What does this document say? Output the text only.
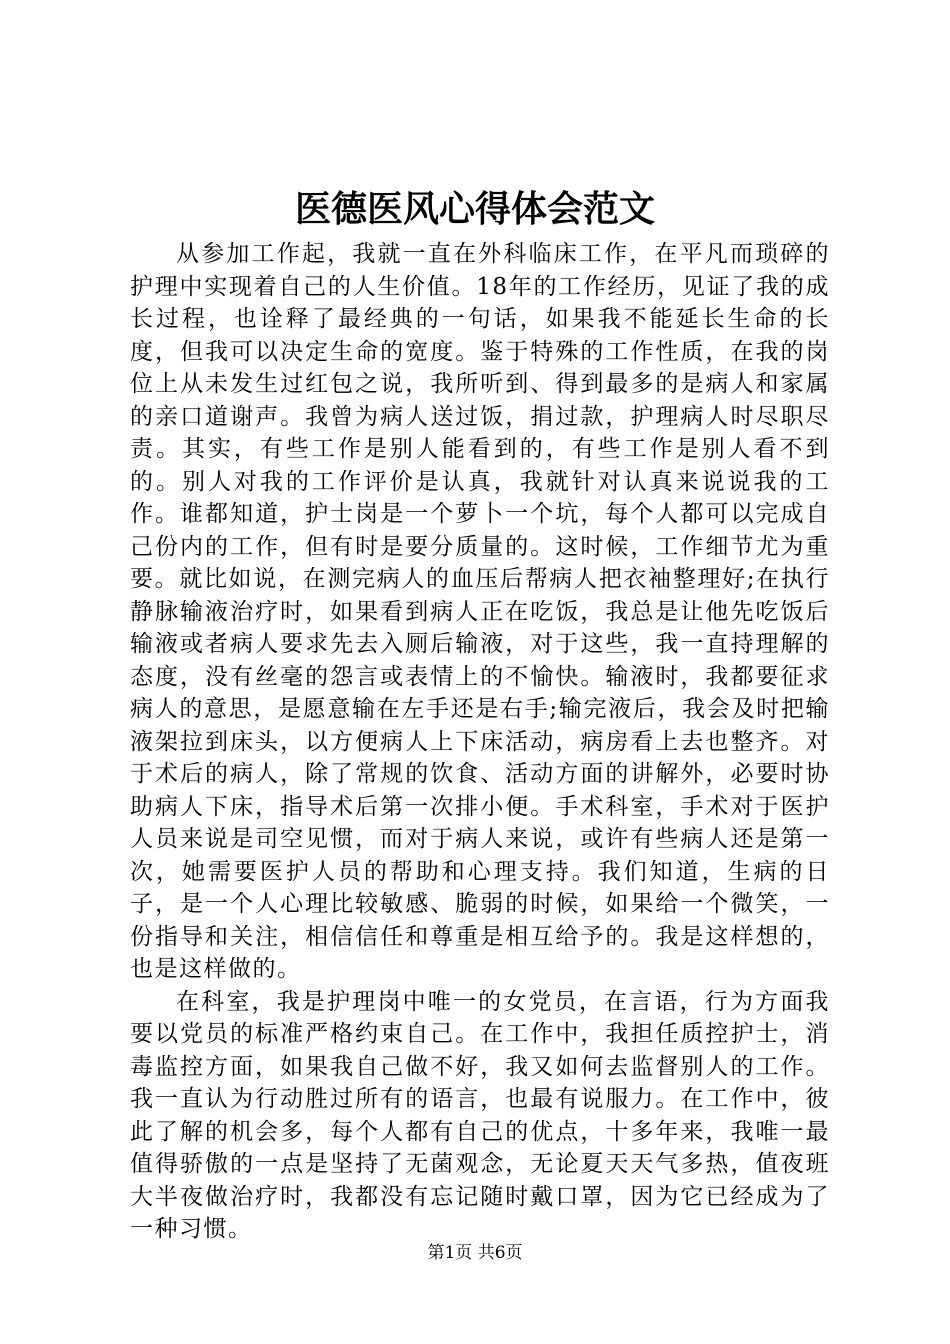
医德医风心得体会范文

从参加工作起，我就一直在外科临床工作，在平凡而琐碎的护理中实现着自己的人生价值。18年的工作经历，见证了我的成长过程，也诠释了最经典的一句话，如果我不能延长生命的长度，但我可以决定生命的宽度。鉴于特殊的工作性质，在我的岗位上从未发生过红包之说，我所听到、得到最多的是病人和家属的亲口道谢声。我曾为病人送过饭，捐过款，护理病人时尽职尽责。其实，有些工作是别人能看到的，有些工作是别人看不到的。别人对我的工作评价是认真，我就针对认真来说说我的工作。谁都知道，护士岗是一个萝卜一个坑，每个人都可以完成自己份内的工作，但有时是要分质量的。这时候，工作细节尤为重要。就比如说，在测完病人的血压后帮病人把衣袖整理好;在执行静脉输液治疗时，如果看到病人正在吃饭，我总是让他先吃饭后输液或者病人要求先去入厕后输液，对于这些，我一直持理解的态度，没有丝毫的怨言或表情上的不愉快。输液时，我都要征求病人的意思，是愿意输在左手还是右手;输完液后，我会及时把输液架拉到床头，以方便病人上下床活动，病房看上去也整齐。对于术后的病人，除了常规的饮食、活动方面的讲解外，必要时协助病人下床，指导术后第一次排小便。手术科室，手术对于医护人员来说是司空见惯，而对于病人来说，或许有些病人还是第一次，她需要医护人员的帮助和心理支持。我们知道，生病的日子，是一个人心理比较敏感、脆弱的时候，如果给一个微笑，一份指导和关注，相信信任和尊重是相互给予的。我是这样想的，也是这样做的。

在科室，我是护理岗中唯一的女党员，在言语，行为方面我要以党员的标准严格约束自己。在工作中，我担任质控护士，消毒监控方面，如果我自己做不好，我又如何去监督别人的工作。我一直认为行动胜过所有的语言，也最有说服力。在工作中，彼此了解的机会多，每个人都有自己的优点，十多年来，我唯一最值得骄傲的一点是坚持了无菌观念，无论夏天天气多热，值夜班大半夜做治疗时，我都没有忘记随时戴口罩，因为它已经成为了一种习惯。

第1页 共6页
